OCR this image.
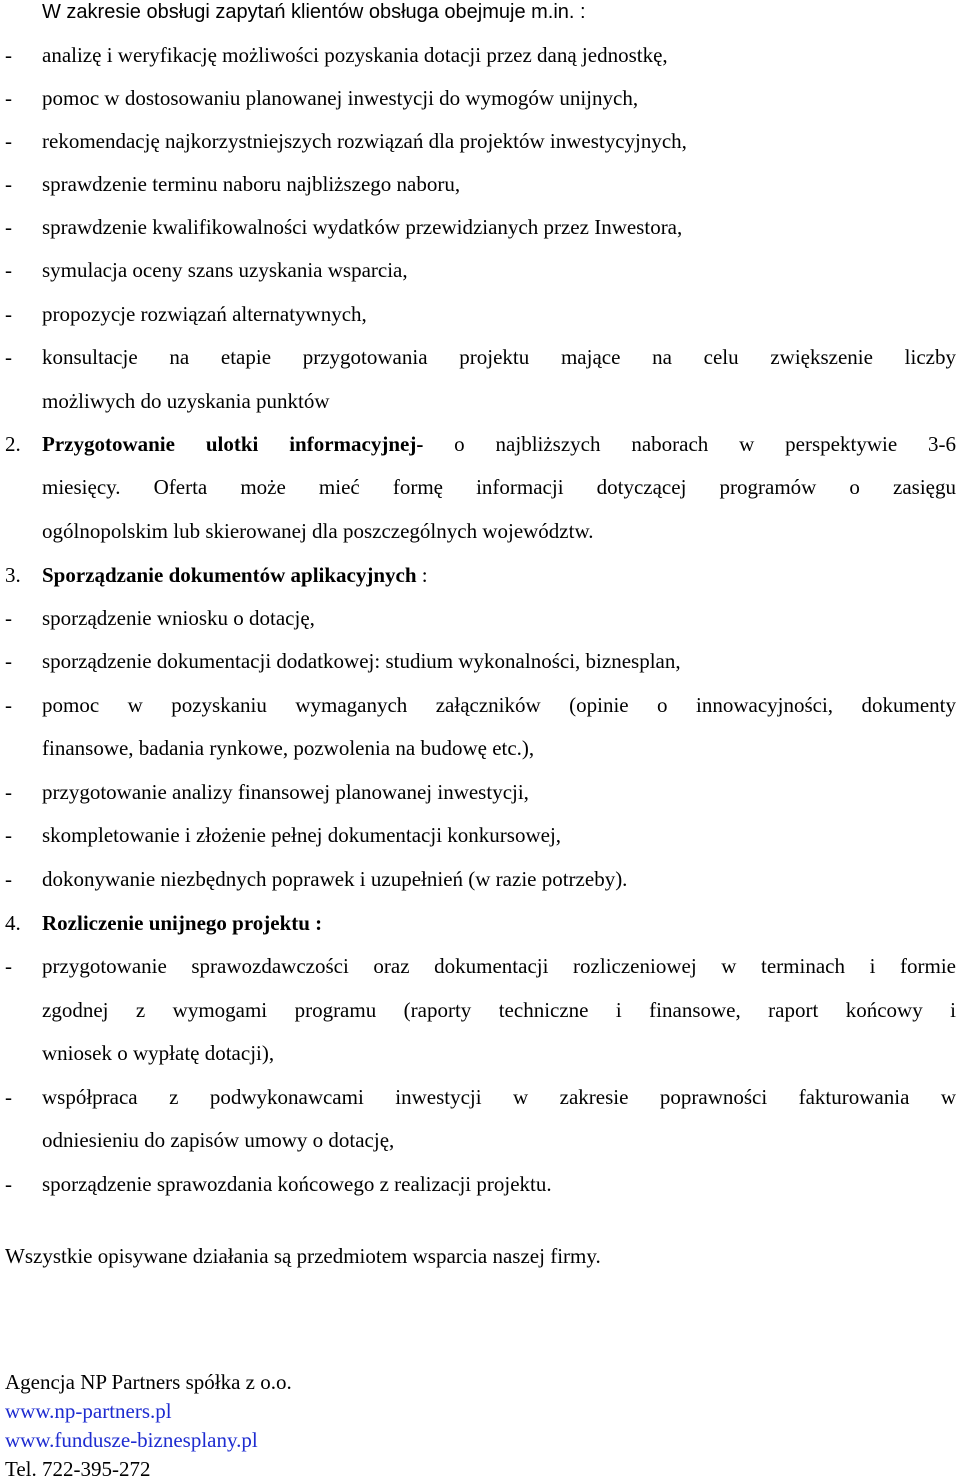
W zakresie obsługi zapytań klientów obsługa obejmuje m.in. :
- analizę i weryfikację możliwości pozyskania dotacji przez daną jednostkę,
- pomoc w dostosowaniu planowanej inwestycji do wymogów unijnych,
- rekomendację najkorzystniejszych rozwiązań dla projektów inwestycyjnych,
- sprawdzenie terminu naboru najbliższego naboru,
- sprawdzenie kwalifikowalności wydatków przewidzianych przez Inwestora,
- symulacja oceny szans uzyskania wsparcia,
- propozycje rozwiązań alternatywnych,
- konsultacje na etapie przygotowania projektu mające na celu zwiększenie liczby
możliwych do uzyskania punktów
2. Przygotowanie ulotki informacyjnej- o najbliższych naborach w perspektywie 3-6
miesięcy. Oferta może mieć formę informacji dotyczącej programów o zasięgu
ogólnopolskim lub skierowanej dla poszczególnych województw.
3. Sporządzanie dokumentów aplikacyjnych :
- sporządzenie wniosku o dotację,
- sporządzenie dokumentacji dodatkowej: studium wykonalności, biznesplan,
- pomoc w pozyskaniu wymaganych załączników (opinie o innowacyjności, dokumenty
finansowe, badania rynkowe, pozwolenia na budowę etc.),
- przygotowanie analizy finansowej planowanej inwestycji,
- skompletowanie i złożenie pełnej dokumentacji konkursowej,
- dokonywanie niezbędnych poprawek i uzupełnień (w razie potrzeby).
4. Rozliczenie unijnego projektu :
- przygotowanie sprawozdawczości oraz dokumentacji rozliczeniowej w terminach i formie
zgodnej z wymogami programu (raporty techniczne i finansowe, raport końcowy i
wniosek o wypłatę dotacji),
- współpraca z podwykonawcami inwestycji w zakresie poprawności fakturowania w
odniesieniu do zapisów umowy o dotację,
- sporządzenie sprawozdania końcowego z realizacji projektu.
Wszystkie opisywane działania są przedmiotem wsparcia naszej firmy.
Agencja NP Partners spółka z o.o.
www.np-partners.pl
www.fundusze-biznesplany.pl
Tel. 722-395-272
